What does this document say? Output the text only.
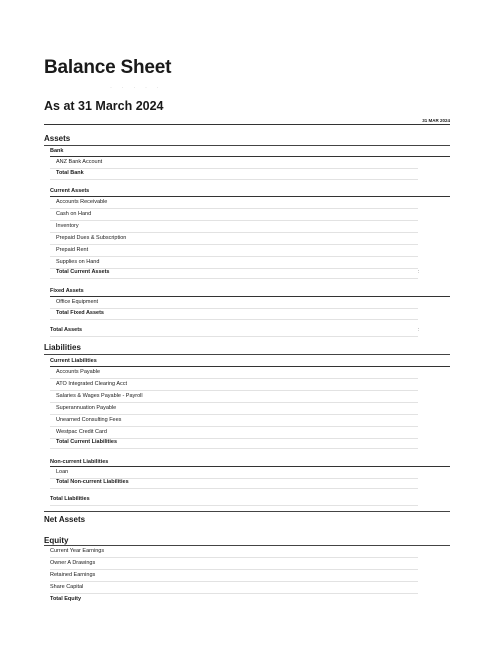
Balance Sheet
· · · · ·
As at 31 March 2024
31 MAR 2024
Assets
Bank
ANZ Bank Account
Total Bank
Current Assets
Accounts Receivable
Cash on Hand
Inventory
Prepaid Dues & Subscription
Prepaid Rent
Supplies on Hand
Total Current Assets	:
Fixed Assets
Office Equipment
Total Fixed Assets
Total Assets	:
Liabilities
Current Liabilities
Accounts Payable
ATO Integrated Clearing Acct
Salaries & Wages Payable - Payroll
Superannuation Payable
Unearned Consulting Fees
Westpac Credit Card
Total Current Liabilities
Non-current Liabilities
Loan
Total Non-current Liabilities
Total Liabilities
Net Assets
Equity
Current Year Earnings
Owner A Drawings
Retained Earnings
Share Capital
Total Equity
